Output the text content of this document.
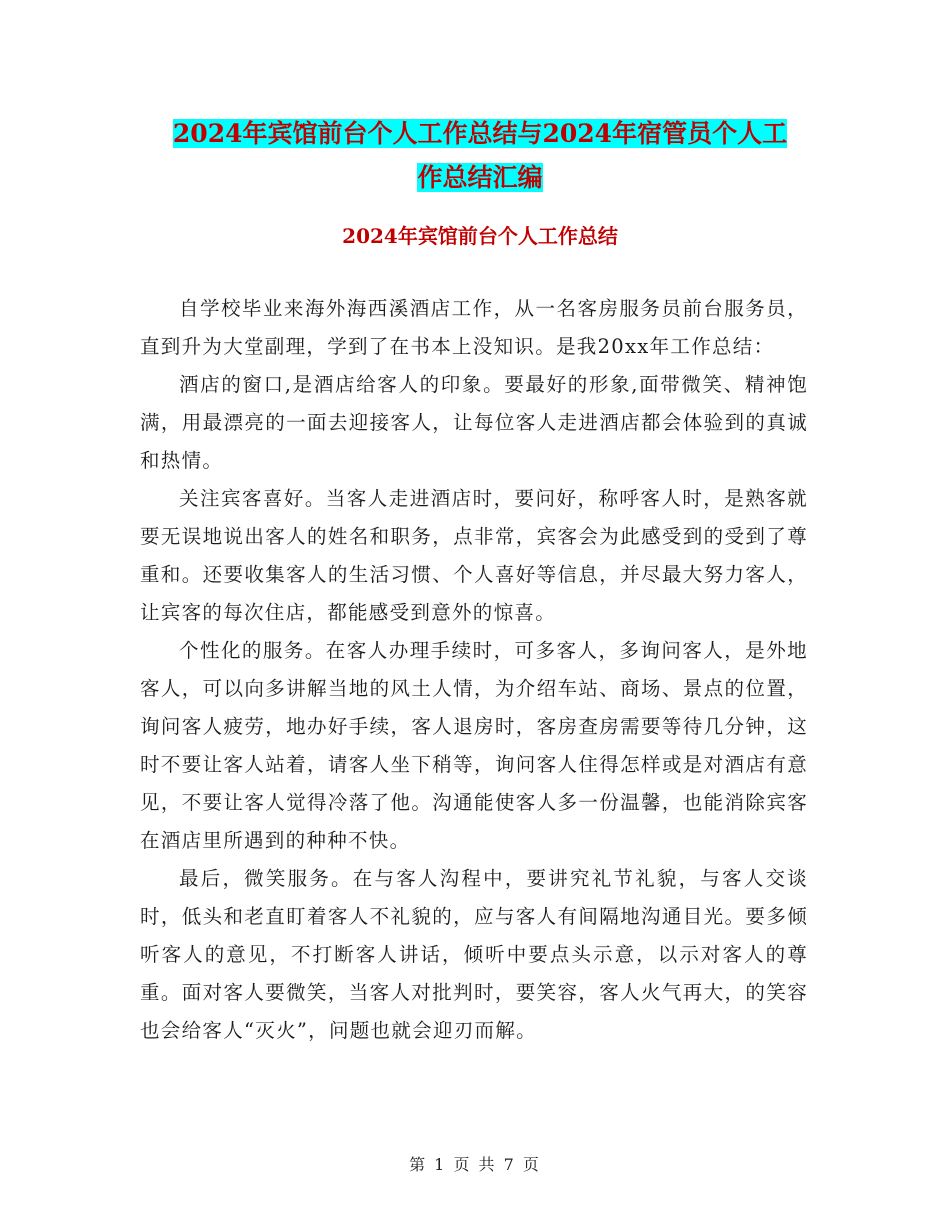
2024年宾馆前台个人工作总结与2024年宿管员个人工
作总结汇编
2024年宾馆前台个人工作总结

自学校毕业来海外海西溪酒店工作，从一名客房服务员前台服务员，直到升为大堂副理，学到了在书本上没知识。是我20xx年工作总结：

酒店的窗口,是酒店给客人的印象。要最好的形象,面带微笑、精神饱满，用最漂亮的一面去迎接客人，让每位客人走进酒店都会体验到的真诚和热情。

关注宾客喜好。当客人走进酒店时，要问好，称呼客人时，是熟客就要无误地说出客人的姓名和职务，点非常，宾客会为此感受到的受到了尊重和。还要收集客人的生活习惯、个人喜好等信息，并尽最大努力客人，让宾客的每次住店，都能感受到意外的惊喜。

个性化的服务。在客人办理手续时，可多客人，多询问客人，是外地客人，可以向多讲解当地的风土人情，为介绍车站、商场、景点的位置，询问客人疲劳，地办好手续，客人退房时，客房查房需要等待几分钟，这时不要让客人站着，请客人坐下稍等，询问客人住得怎样或是对酒店有意见，不要让客人觉得冷落了他。沟通能使客人多一份温馨，也能消除宾客在酒店里所遇到的种种不快。

最后，微笑服务。在与客人沟程中，要讲究礼节礼貌，与客人交谈时，低头和老直盯着客人不礼貌的，应与客人有间隔地沟通目光。要多倾听客人的意见，不打断客人讲话，倾听中要点头示意，以示对客人的尊重。面对客人要微笑，当客人对批判时，要笑容，客人火气再大，的笑容也会给客人“灭火”，问题也就会迎刃而解。

第 1 页 共 7 页
